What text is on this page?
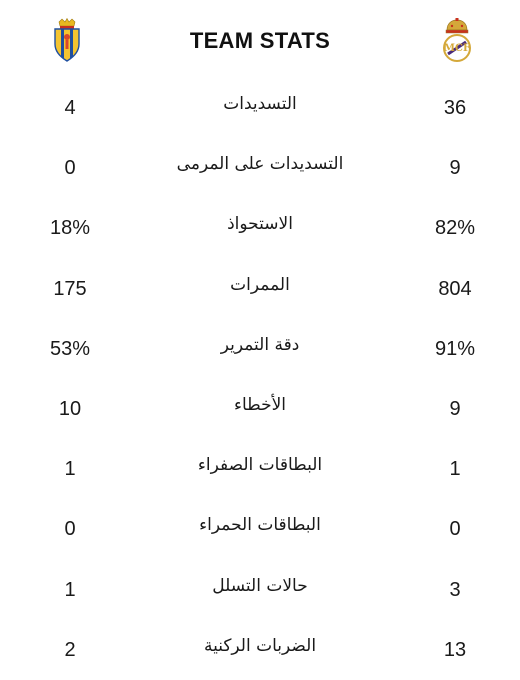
TEAM STATS	MCF
4	التسديدات	36
0	التسديدات على المرمى	9
18%	الاستحواذ	82%
175	الممرات	804
53%	دقة التمرير	91%
10	الأخطاء	9
1	البطاقات الصفراء	1
0	البطاقات الحمراء	0
1	حالات التسلل	3
2	الضربات الركنية	13
